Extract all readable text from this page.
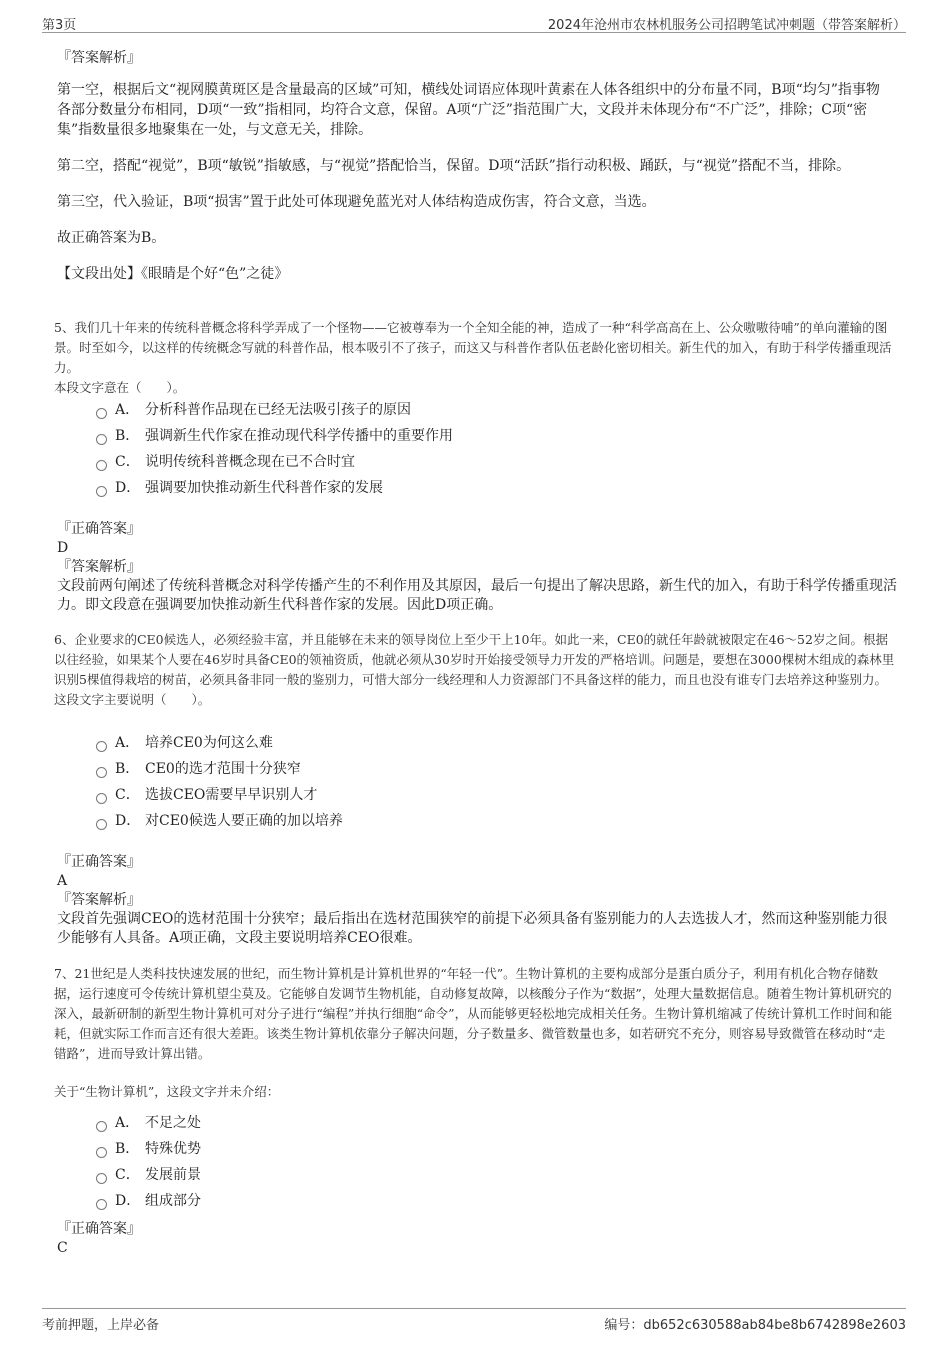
第3页	2024年沧州市农林机服务公司招聘笔试冲刺题（带答案解析）

『答案解析』

第一空，根据后文“视网膜黄斑区是含量最高的区域”可知，横线处词语应体现叶黄素在人体各组织中的分布量不同，B项“均匀”指事物各部分数量分布相同，D项“一致”指相同，均符合文意，保留。A项“广泛”指范围广大，文段并未体现分布“不广泛”，排除；C项“密集”指数量很多地聚集在一处，与文意无关，排除。

第二空，搭配“视觉”，B项“敏锐”指敏感，与“视觉”搭配恰当，保留。D项“活跃”指行动积极、踊跃，与“视觉”搭配不当，排除。

第三空，代入验证，B项“损害”置于此处可体现避免蓝光对人体结构造成伤害，符合文意，当选。

故正确答案为B。

【文段出处】《眼睛是个好“色”之徒》

5、我们几十年来的传统科普概念将科学弄成了一个怪物——它被尊奉为一个全知全能的神，造成了一种“科学高高在上、公众嗷嗷待哺”的单向灌输的图景。时至如今，以这样的传统概念写就的科普作品，根本吸引不了孩子，而这又与科普作者队伍老龄化密切相关。新生代的加入，有助于科学传播重现活力。

本段文字意在（　　）。

A． 分析科普作品现在已经无法吸引孩子的原因
B． 强调新生代作家在推动现代科学传播中的重要作用
C． 说明传统科普概念现在已不合时宜
D． 强调要加快推动新生代科普作家的发展
『正确答案』
D
『答案解析』
文段前两句阐述了传统科普概念对科学传播产生的不利作用及其原因，最后一句提出了解决思路，新生代的加入，有助于科学传播重现活力。即文段意在强调要加快推动新生代科普作家的发展。因此D项正确。

6、企业要求的CE0候选人，必须经验丰富，并且能够在未来的领导岗位上至少干上10年。如此一来，CE0的就任年龄就被限定在46～52岁之间。根据以往经验，如果某个人要在46岁时具备CE0的领袖资质，他就必须从30岁时开始接受领导力开发的严格培训。问题是，要想在3000棵树木组成的森林里识别5棵值得栽培的树苗，必须具备非同一般的鉴别力，可惜大部分一线经理和人力资源部门不具备这样的能力，而且也没有谁专门去培养这种鉴别力。

这段文字主要说明（　　）。

A． 培养CE0为何这么难
B． CE0的选才范围十分狭窄
C． 选拔CEO需要早早识别人才
D． 对CE0候选人要正确的加以培养
『正确答案』
A
『答案解析』
文段首先强调CEO的选材范围十分狭窄；最后指出在选材范围狭窄的前提下必须具备有鉴别能力的人去选拔人才，然而这种鉴别能力很少能够有人具备。A项正确，文段主要说明培养CEO很难。

7、21世纪是人类科技快速发展的世纪，而生物计算机是计算机世界的“年轻一代”。生物计算机的主要构成部分是蛋白质分子，利用有机化合物存储数据，运行速度可令传统计算机望尘莫及。它能够自发调节生物机能，自动修复故障，以核酸分子作为“数据”，处理大量数据信息。随着生物计算机研究的深入，最新研制的新型生物计算机可对分子进行“编程”并执行细胞“命令”，从而能够更轻松地完成相关任务。生物计算机缩减了传统计算机工作时间和能耗，但就实际工作而言还有很大差距。该类生物计算机依靠分子解决问题，分子数量多、微管数量也多，如若研究不充分，则容易导致微管在移动时“走错路”，进而导致计算出错。

关于“生物计算机”，这段文字并未介绍：

A． 不足之处
B． 特殊优势
C． 发展前景
D． 组成部分
『正确答案』
C
考前押题，上岸必备	编号：db652c630588ab84be8b6742898e2603
